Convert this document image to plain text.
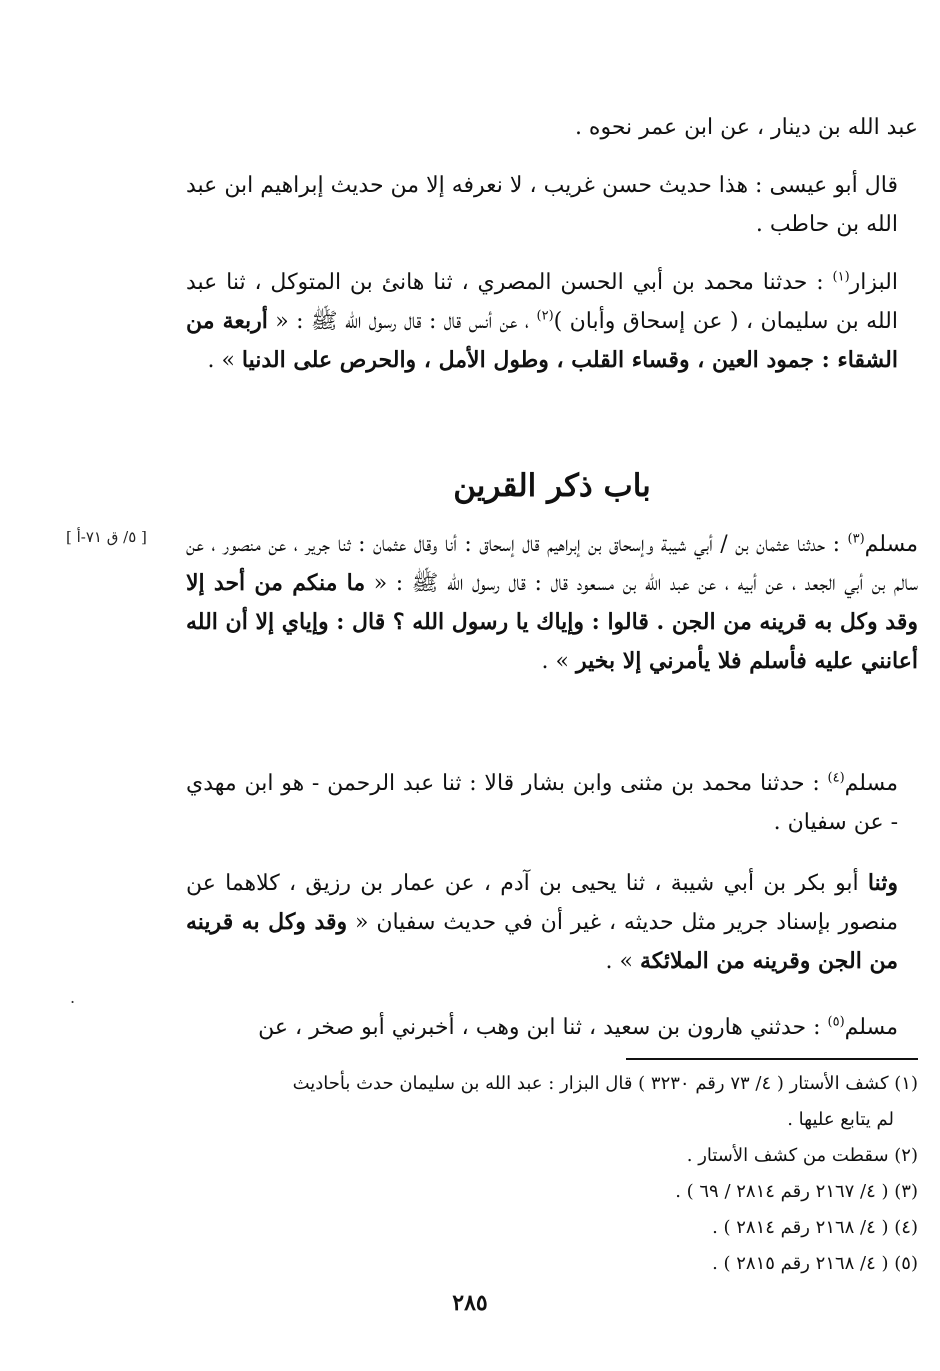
عبد الله بن دينار ، عن ابن عمر نحوه .

قال أبو عيسى : هذا حديث حسن غريب ، لا نعرفه إلا من حديث إبراهيم ابن عبد الله بن حاطب .

البزار$^{(١)}$ : حدثنا محمد بن أبي الحسن المصري ، ثنا هانئ بن المتوكل ، ثنا عبد الله بن سليمان ، ( عن إسحاق وأبان )$^{(٢)}$ ، عن أنس قال : قال رسول الله ﷺ : « أربعة من الشقاء : جمود العين ، وقساء القلب ، وطول الأمل ، والحرص على الدنيا » .

باب ذكر القرين
[ ٥/ ق ٧١-أ ]	مسلم$^{(٣)}$ : حدثنا عثمان بن / أبي شيبة وإسحاق بن إبراهيم قال إسحاق : أنا وقال عثمان : ثنا جرير ، عن منصور ، عن سالم بن أبي الجعد ، عن أبيه ، عن عبد الله بن مسعود قال : قال رسول الله ﷺ : « ما منكم من أحد إلا وقد وكل به قرينه من الجن . قالوا : وإياك يا رسول الله ؟ قال : وإياي إلا أن الله أعانني عليه فأسلم فلا يأمرني إلا بخير » .

مسلم$^{(٤)}$ : حدثنا محمد بن مثنى وابن بشار قالا : ثنا عبد الرحمن - هو ابن مهدي - عن سفيان .

وثنا أبو بكر بن أبي شيبة ، ثنا يحيى بن آدم ، عن عمار بن رزيق ، كلاهما عن منصور بإسناد جرير مثل حديثه ، غير أن في حديث سفيان « وقد وكل به قرينه من الجن وقرينه من الملائكة » .

.

مسلم$^{(٥)}$ : حدثني هارون بن سعيد ، ثنا ابن وهب ، أخبرني أبو صخر ، عن

(١) كشف الأستار ( ٤/ ٧٣ رقم ٣٢٣٠ ) قال البزار : عبد الله بن سليمان حدث بأحاديث

لم يتابع عليها .

(٢) سقطت من كشف الأستار .

(٣) ( ٤/ ٢١٦٧ رقم ٢٨١٤ / ٦٩ ) .

(٤) ( ٤/ ٢١٦٨ رقم ٢٨١٤ ) .

(٥) ( ٤/ ٢١٦٨ رقم ٢٨١٥ ) .

٢٨٥
